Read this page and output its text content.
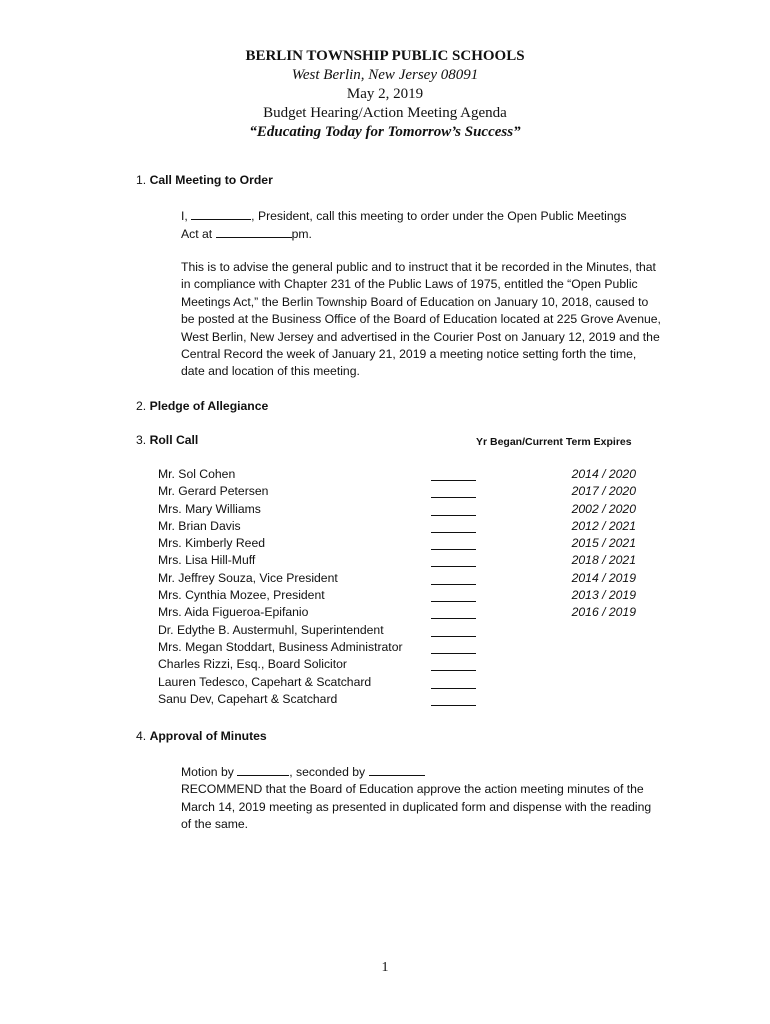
BERLIN TOWNSHIP PUBLIC SCHOOLS
West Berlin, New Jersey 08091
May 2, 2019
Budget Hearing/Action Meeting Agenda
“Educating Today for Tomorrow’s Success”
1. Call Meeting to Order

I,	, President, call this meeting to order under the Open Public Meetings

Act at	pm.

This is to advise the general public and to instruct that it be recorded in the Minutes, that in compliance with Chapter 231 of the Public Laws of 1975, entitled the “Open Public Meetings Act,” the Berlin Township Board of Education on January 10, 2018, caused to be posted at the Business Office of the Board of Education located at 225 Grove Avenue, West Berlin, New Jersey and advertised in the Courier Post on January 12, 2019 and the Central Record the week of January 21, 2019 a meeting notice setting forth the time, date and location of this meeting.

2. Pledge of Allegiance
3. Roll Call	Yr Began/Current Term Expires
Mr. Sol Cohen	2014 / 2020
Mr. Gerard Petersen	2017 / 2020
Mrs. Mary Williams	2002 / 2020
Mr. Brian Davis	2012 / 2021
Mrs. Kimberly Reed	2015 / 2021
Mrs. Lisa Hill-Muff	2018 / 2021
Mr. Jeffrey Souza, Vice President	2014 / 2019
Mrs. Cynthia Mozee, President	2013 / 2019
Mrs. Aida Figueroa-Epifanio	2016 / 2019
Dr. Edythe B. Austermuhl, Superintendent
Mrs. Megan Stoddart, Business Administrator
Charles Rizzi, Esq., Board Solicitor
Lauren Tedesco, Capehart & Scatchard
Sanu Dev, Capehart & Scatchard
4. Approval of Minutes

Motion by	, seconded by

RECOMMEND that the Board of Education approve the action meeting minutes of the March 14, 2019 meeting as presented in duplicated form and dispense with the reading of the same.

1
